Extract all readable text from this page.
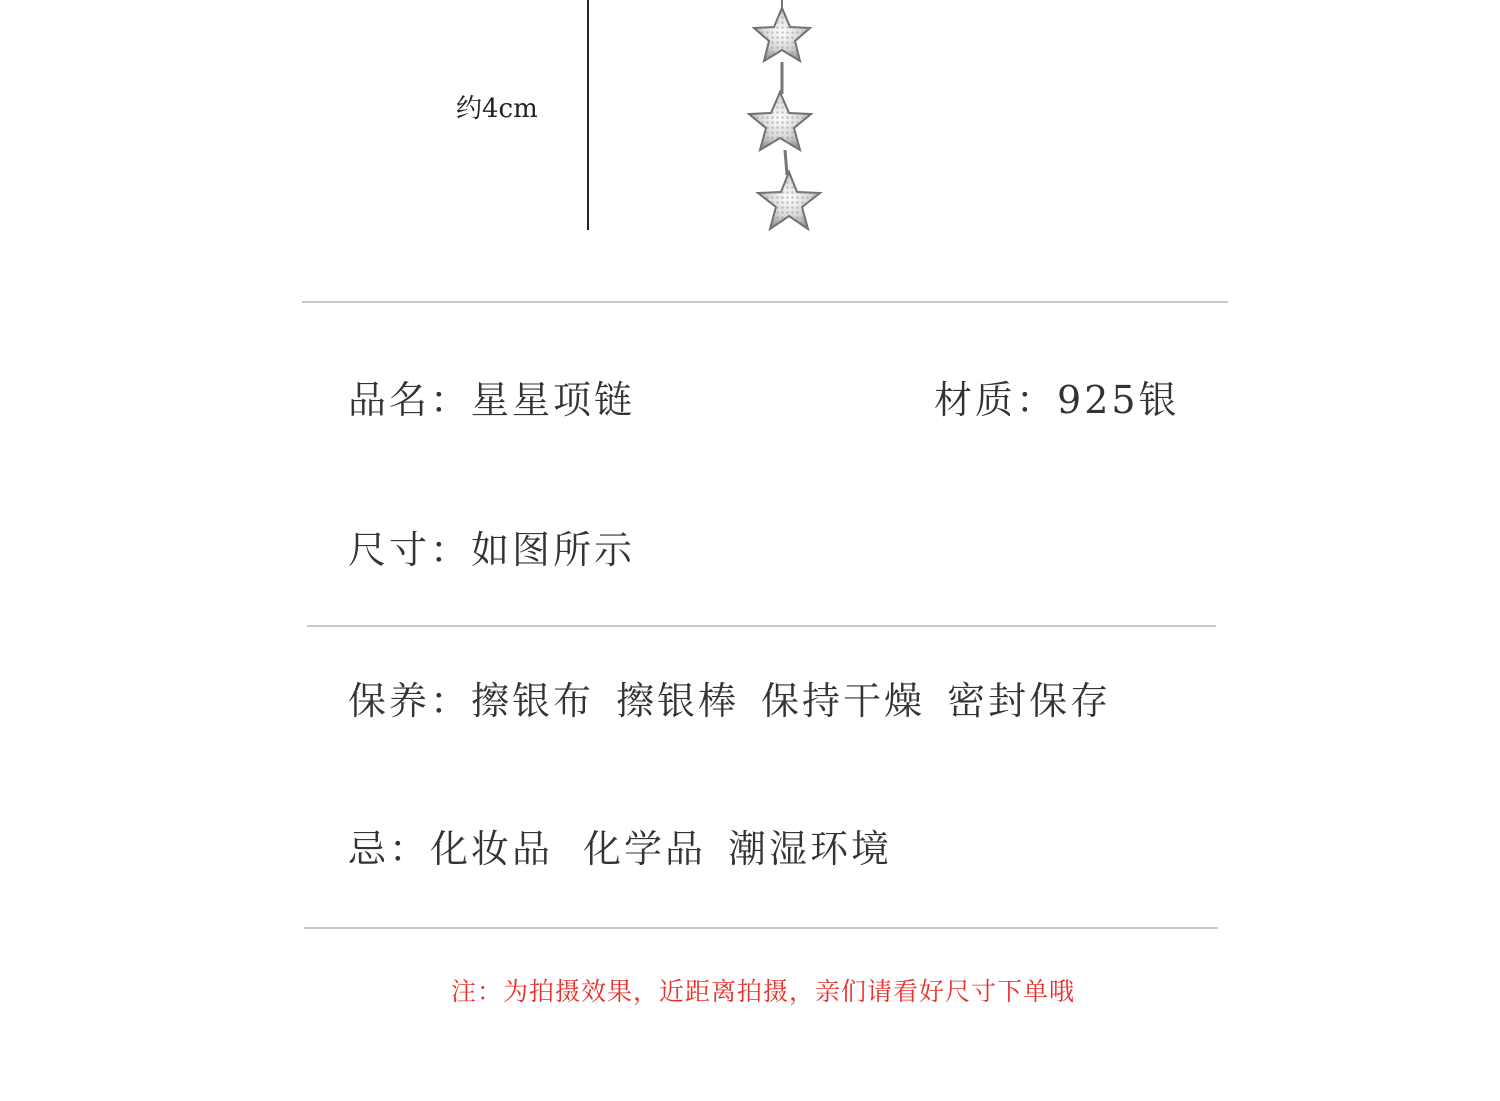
约4cm
品名：星星项链	材质：925银
尺寸：如图所示
保养：擦银布 擦银棒 保持干燥 密封保存
忌：化妆品 化学品 潮湿环境
注：为拍摄效果，近距离拍摄，亲们请看好尺寸下单哦
